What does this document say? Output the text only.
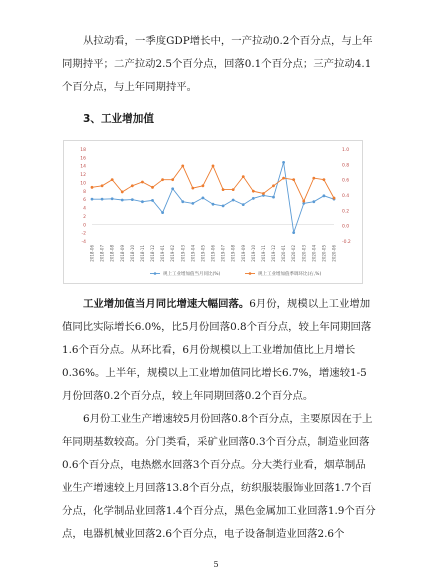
从拉动看，一季度GDP增长中，一产拉动0.2个百分点，与上年同期持平；二产拉动2.5个百分点，回落0.1个百分点；三产拉动4.1个百分点，与上年同期持平。
3、工业增加值
-4
-2
0
2
4
6
8
10
12
14
16
18
-0.2
0.0
0.2
0.4
0.6
0.8
1.0
2018-06 2018-07 2018-08 2018-09 2018-10 2018-11 2018-12 2019-01 2019-02 2019-03 2019-04 2019-05 2019-06 2019-07 2019-08 2019-09 2019-10 2019-11 2019-12 2020-01 2020-02 2020-03 2020-04 2020-05 2020-06
规上工业增加值当月同比(%)	规上工业增加值季调环比(右,%)
工业增加值当月同比增速大幅回落。6月份，规模以上工业增加值同比实际增长6.0%，比5月份回落0.8个百分点，较上年同期回落1.6个百分点。从环比看，6月份规模以上工业增加值比上月增长0.36%。上半年，规模以上工业增加值同比增长6.7%，增速较1-5月份回落0.2个百分点，较上年同期回落0.2个百分点。
6月份工业生产增速较5月份回落0.8个百分点，主要原因在于上年同期基数较高。分门类看，采矿业回落0.3个百分点，制造业回落0.6个百分点，电热燃水回落3个百分点。分大类行业看，烟草制品业生产增速较上月回落13.8个百分点，纺织服装服饰业回落1.7个百分点，化学制品业回落1.4个百分点，黑色金属加工业回落1.9个百分点，电器机械业回落2.6个百分点，电子设备制造业回落2.6个
5
